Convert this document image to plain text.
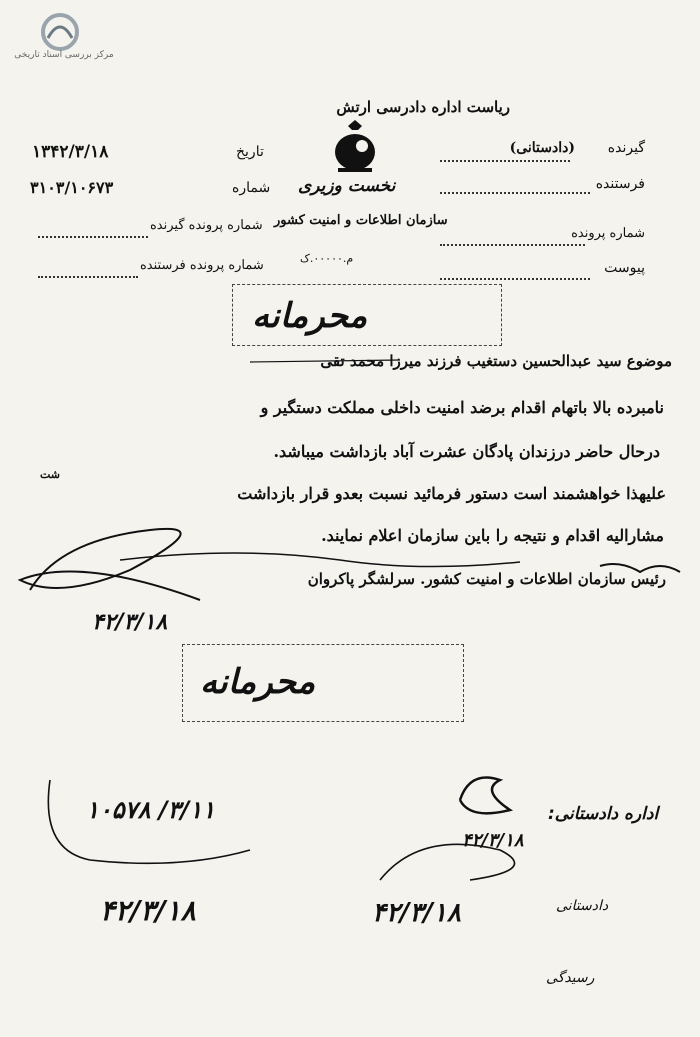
مرکز بررسی اسناد تاریخی
ریاست اداره دادرسی ارتش
نخست وزیری
سازمان اطلاعات و امنیت کشور
م.۰۰۰۰۰.ک
گیرنده
(دادستانی)
فرستنده
شماره پرونده
پیوست
تاریخ
۱۳۴۲/۳/۱۸
شماره
۳۱۰۳/۱۰۶۷۳
شماره پرونده گیرنده
شماره پرونده فرستنده
محرمانه
موضوع سید عبدالحسین دستغیب فرزند میرزا محمد تقی
نامبرده بالا باتهام اقدام برضد امنیت داخلی مملکت دستگیر و
درحال حاضر درزندان پادگان عشرت آباد بازداشت میباشد.
شت
علیهذا خواهشمند است دستور فرمائید نسبت بعدو قرار بازداشت
مشارالیه اقدام و نتیجه را باین سازمان اعلام نمایند.
رئیس سازمان اطلاعات و امنیت کشور. سرلشگر پاکروان
۴۲/۳/۱۸
محرمانه
۱۰۵۷۸ /۳/۱۱
۴۲/۳/۱۸
اداره دادستانی:
۴۲/۳/۱۸
۴۲/۳/۱۸	دادستانی
رسیدگی
